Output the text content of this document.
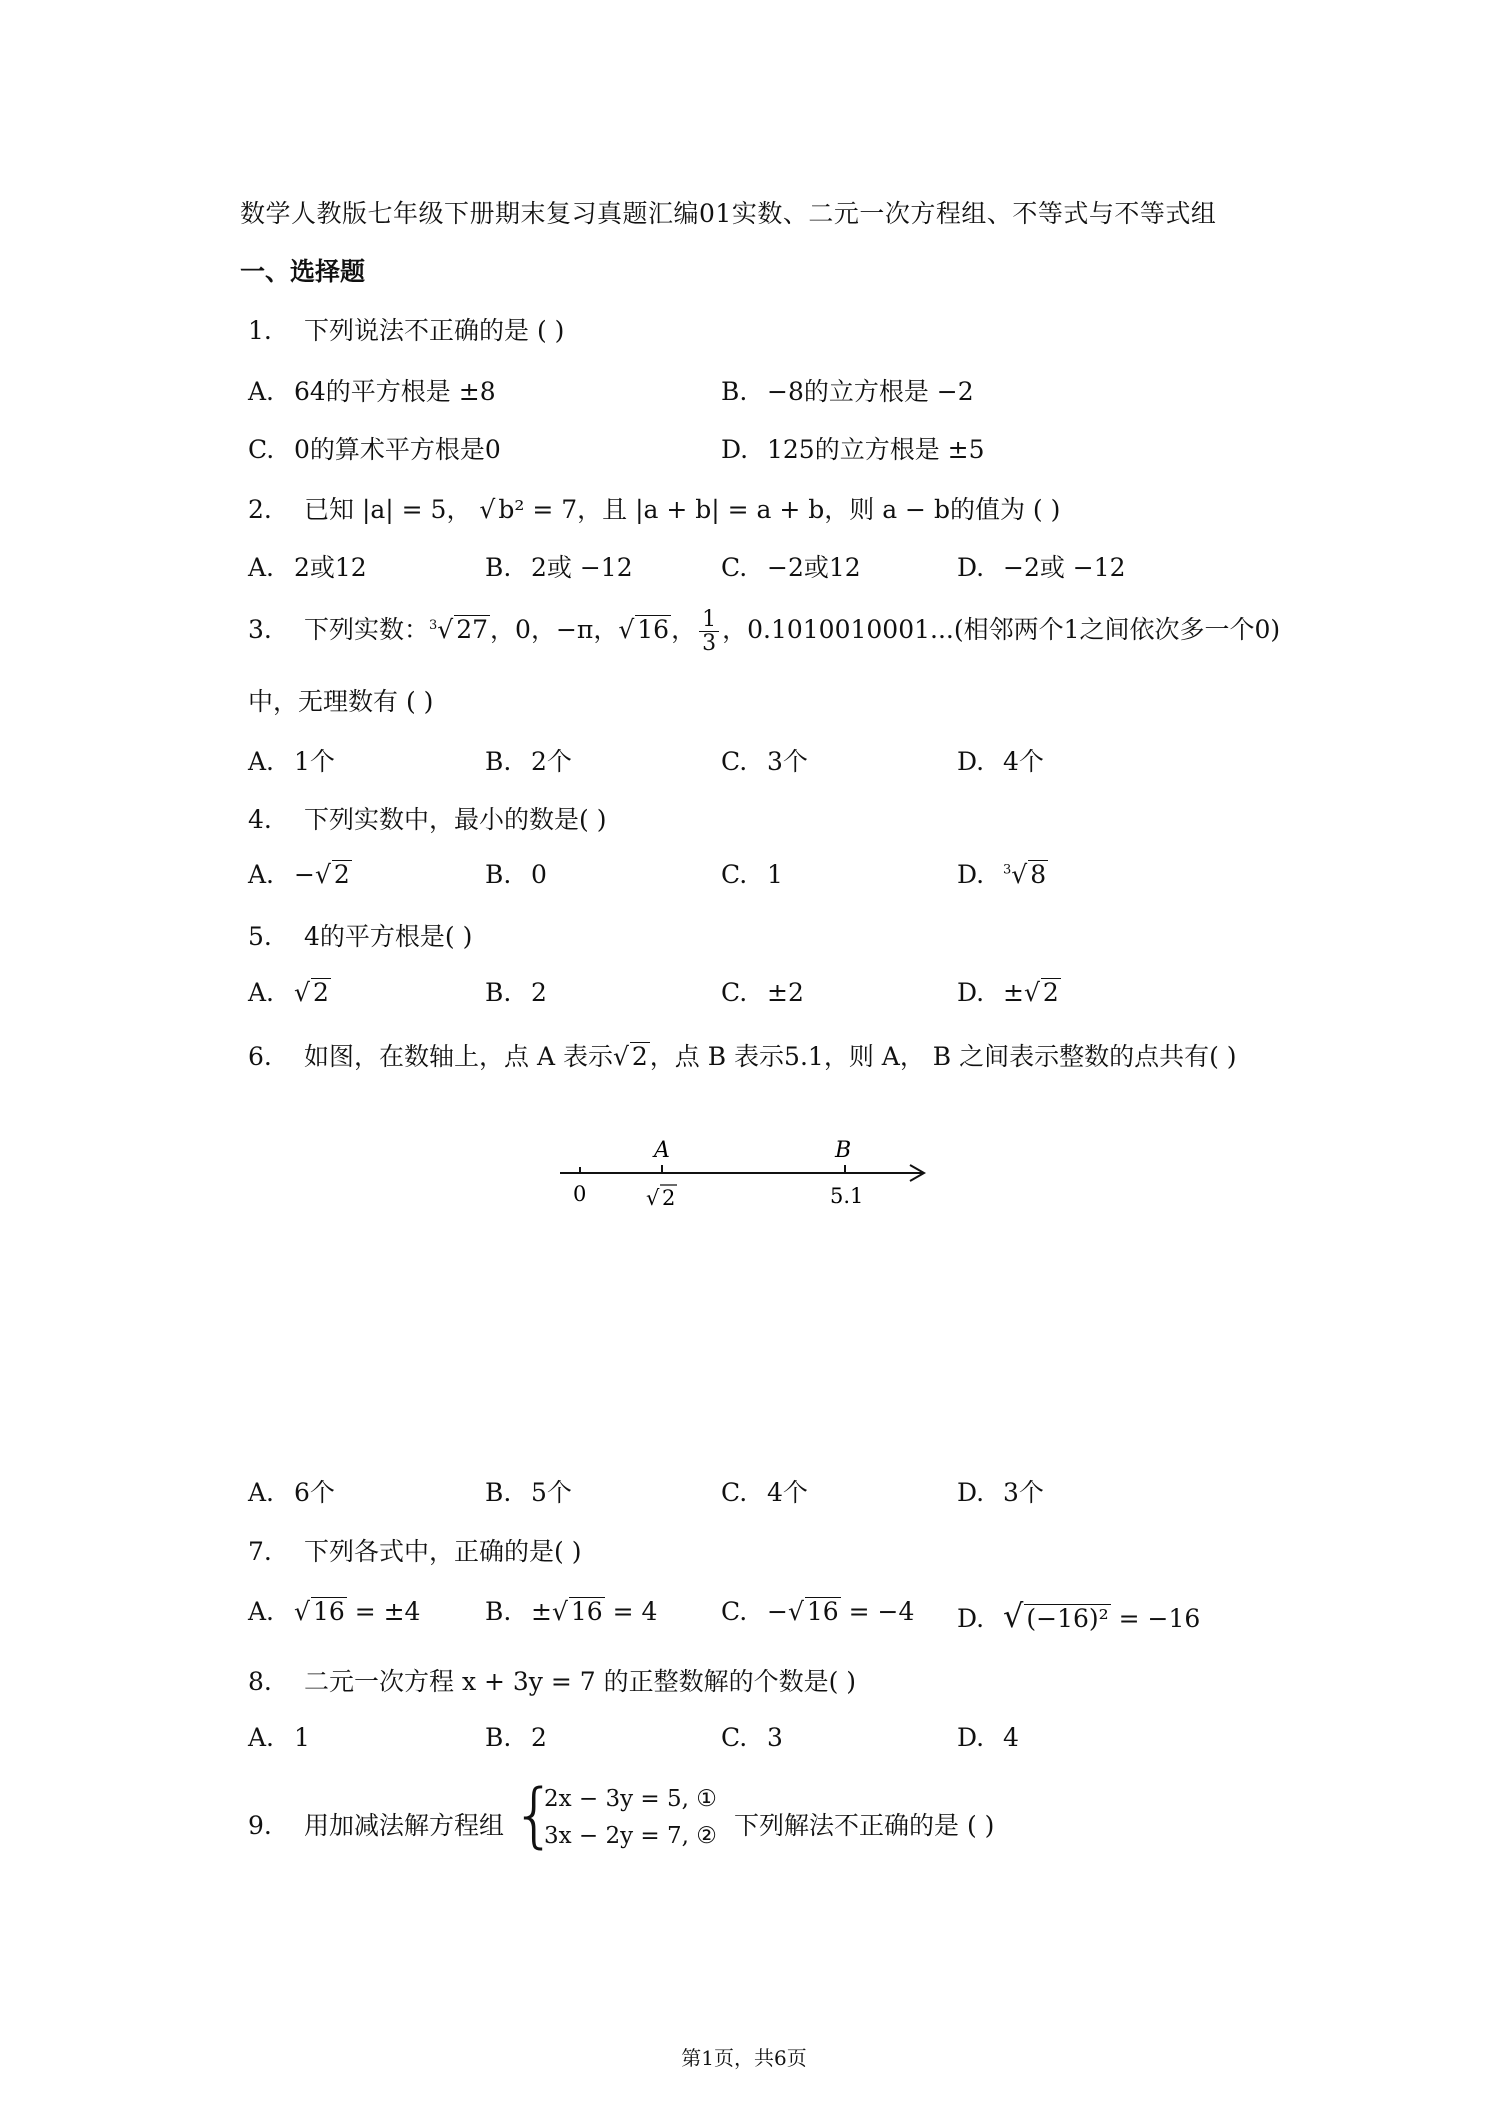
数学人教版七年级下册期末复习真题汇编01实数、二元一次方程组、不等式与不等式组
一、选择题
1. 下列说法不正确的是 ( )
A. 64的平方根是 ±8	B. −8的立方根是 −2
C. 0的算术平方根是0	D. 125的立方根是 ±5
2. 已知 |a| = 5， √ b² = 7，且 |a + b| = a + b，则 a − b的值为 ( )
A. 2或12	B. 2或 −12	C. −2或12	D. −2或 −12
3. 下列实数：$^3$√ 27，0，−π，√ 16， $\frac{1}{3}$ ，0.1010010001...(相邻两个1之间依次多一个0)
中，无理数有 ( )
A. 1个	B. 2个	C. 3个	D. 4个
4. 下列实数中，最小的数是( )
A. −√ 2	B. 0	C. 1	D. $^3$√ 8
5. 4的平方根是( )
A. √ 2	B. 2	C. ±2	D. ±√ 2
6. 如图，在数轴上，点 A 表示√ 2，点 B 表示5.1，则 A， B 之间表示整数的点共有( )
A	B
0	√ 2	5.1
A. 6个	B. 5个	C. 4个	D. 3个
7. 下列各式中，正确的是( )
A. √ 16 = ±4	B. ±√ 16 = 4	C. −√ 16 = −4 D. √ (−16)² = −16
8. 二元一次方程 x + 3y = 7 的正整数解的个数是( )
A. 1	B. 2	C. 3	D. 4
9. 用加减法解方程组 {
2x − 3y = 5, ①
3x − 2y = 7, ② 下列解法不正确的是 ( )
第1页，共6页
